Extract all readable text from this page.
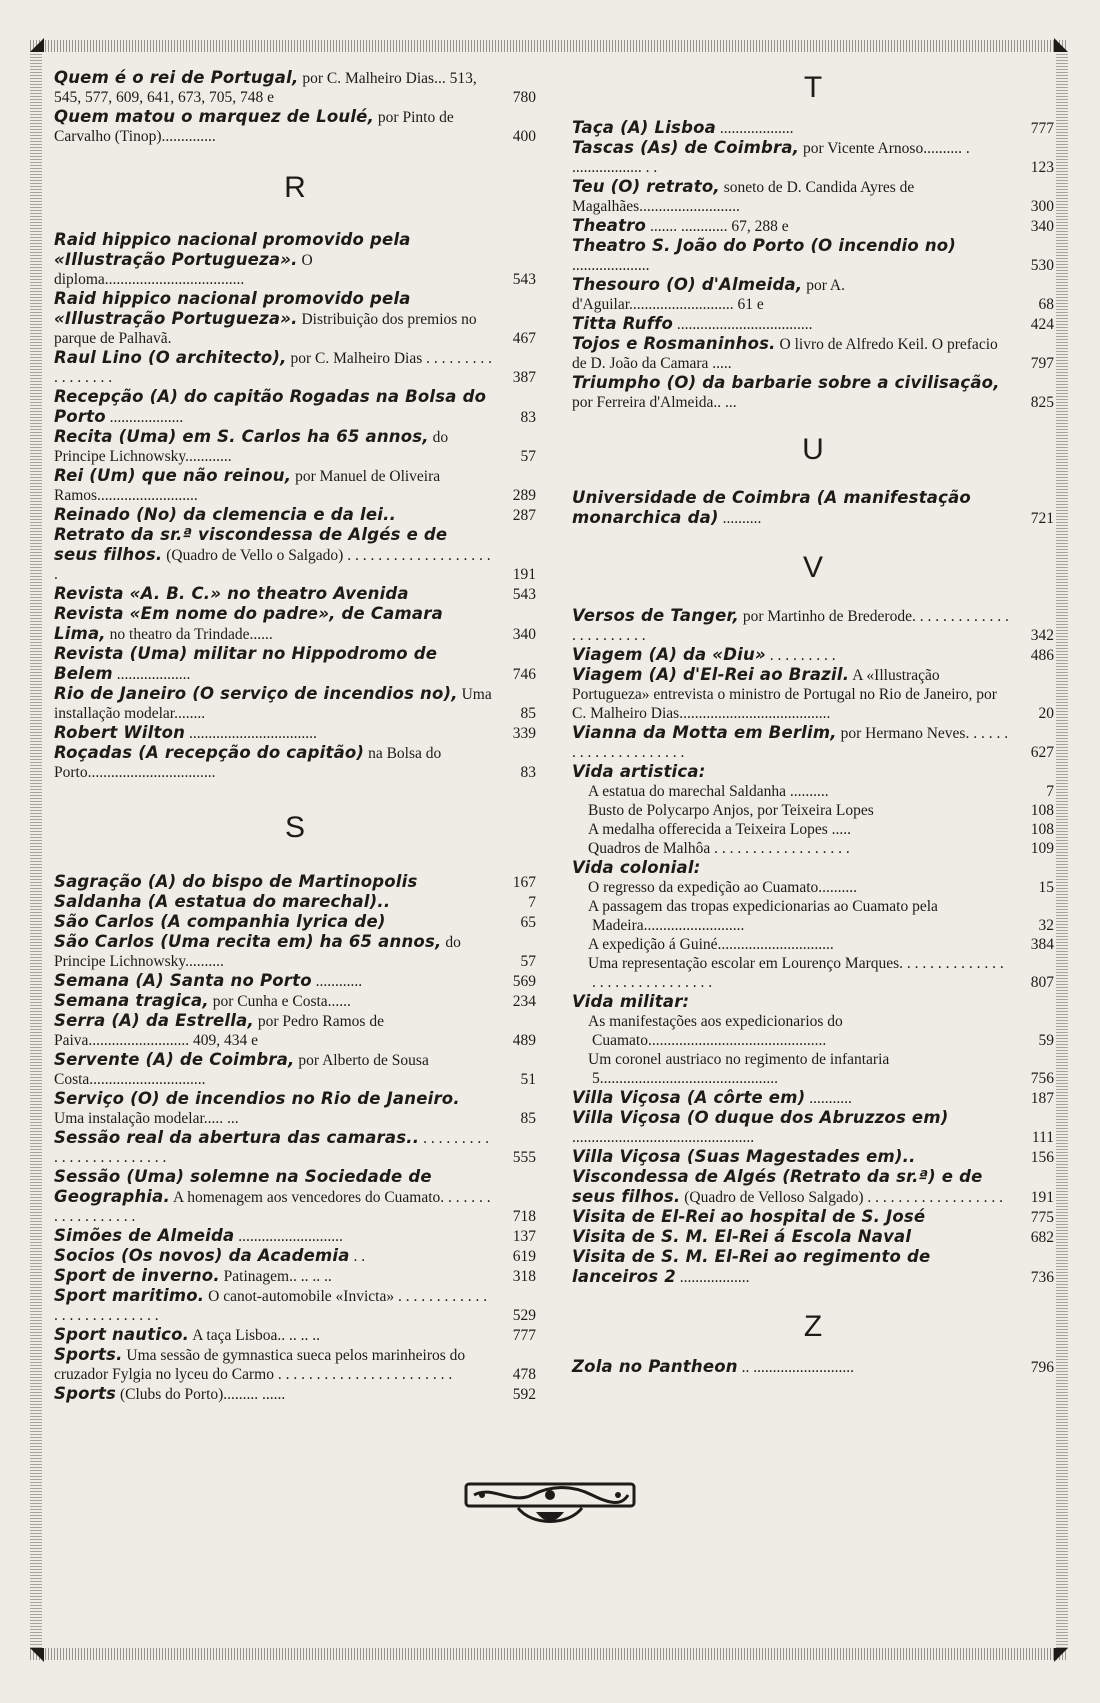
Quem é o rei de Portugal, por C. Malheiro Dias... 513, 545, 577, 609, 641, 673, 705, 748 e	780
Quem matou o marquez de Loulé, por Pinto de Carvalho (Tinop)..............	400
R
Raid hippico nacional promovido pela «Illustração Portugueza». O diploma....................................	543
Raid hippico nacional promovido pela «Illustração Portugueza». Distribuição dos premios no parque de Palhavã.	467
Raul Lino (O architecto), por C. Malheiro Dias . . . . . . . . . . . . . . . . .	387
Recepção (A) do capitão Rogadas na Bolsa do Porto ...................	83
Recita (Uma) em S. Carlos ha 65 annos, do Principe Lichnowsky............	57
Rei (Um) que não reinou, por Manuel de Oliveira Ramos..........................	289
Reinado (No) da clemencia e da lei..	287
Retrato da sr.ª viscondessa de Algés e de seus filhos. (Quadro de Vello o Salgado) . . . . . . . . . . . . . . . . . . . .	191
Revista «A. B. C.» no theatro Avenida	543
Revista «Em nome do padre», de Camara Lima, no theatro da Trindade......	340
Revista (Uma) militar no Hippodromo de Belem ...................	746
Rio de Janeiro (O serviço de incendios no), Uma installação modelar........	85
Robert Wilton .................................	339
Roçadas (A recepção do capitão) na Bolsa do Porto.................................	83
S
Sagração (A) do bispo de Martinopolis	167
Saldanha (A estatua do marechal)..	7
São Carlos (A companhia lyrica de)	65
São Carlos (Uma recita em) ha 65 annos, do Principe Lichnowsky..........	57
Semana (A) Santa no Porto ............	569
Semana tragica, por Cunha e Costa......	234
Serra (A) da Estrella, por Pedro Ramos de Paiva.......................... 409, 434 e	489
Servente (A) de Coimbra, por Alberto de Sousa Costa..............................	51
Serviço (O) de incendios no Rio de Janeiro. Uma instalação modelar..... ...	85
Sessão real da abertura das camaras.. . . . . . . . . . . . . . . . . . . . . . . . .	555
Sessão (Uma) solemne na Sociedade de Geographia. A homenagem aos vencedores do Cuamato. . . . . . . . . . . . . . . . . .	718
Simões de Almeida ...........................	137
Socios (Os novos) da Academia . .	619
Sport de inverno. Patinagem.. .. .. ..	318
Sport maritimo. O canot-automobile «Invicta» . . . . . . . . . . . . . . . . . . . . . . . . . .	529
Sport nautico. A taça Lisboa.. .. .. ..	777
Sports. Uma sessão de gymnastica sueca pelos marinheiros do cruzador Fylgia no lyceu do Carmo . . . . . . . . . . . . . . . . . . . . . . .	478
Sports (Clubs do Porto)......... ......	592
T
Taça (A) Lisboa ...................	777
Tascas (As) de Coimbra, por Vicente Arnoso.......... . .................. . .	123
Teu (O) retrato, soneto de D. Candida Ayres de Magalhães..........................	300
Theatro ....... ............ 67, 288 e	340
Theatro S. João do Porto (O incendio no) ....................	530
Thesouro (O) d'Almeida, por A. d'Aguilar........................... 61 e	68
Titta Ruffo ...................................	424
Tojos e Rosmaninhos. O livro de Alfredo Keil. O prefacio de D. João da Camara .....	797
Triumpho (O) da barbarie sobre a civilisação, por Ferreira d'Almeida.. ...	825
U
Universidade de Coimbra (A manifestação monarchica da) ..........	721
V
Versos de Tanger, por Martinho de Brederode. . . . . . . . . . . . . . . . . . . . . . .	342
Viagem (A) da «Diu» . . . . . . . . .	486
Viagem (A) d'El-Rei ao Brazil. A «Illustração Portugueza» entrevista o ministro de Portugal no Rio de Janeiro, por C. Malheiro Dias.......................................	20
Vianna da Motta em Berlim, por Hermano Neves. . . . . . . . . . . . . . . . . . . . .	627
Vida artistica:
A estatua do marechal Saldanha ..........	7
Busto de Polycarpo Anjos, por Teixeira Lopes	108
A medalha offerecida a Teixeira Lopes .....	108
Quadros de Malhôa . . . . . . . . . . . . . . . . . .	109
Vida colonial:
O regresso da expedição ao Cuamato..........	15
A passagem das tropas expedicionarias ao Cuamato pela Madeira..........................	32
A expedição á Guiné..............................	384
Uma representação escolar em Lourenço Marques. . . . . . . . . . . . . . . . . . . . . . . . . . . . . .	807
Vida militar:
As manifestações aos expedicionarios do Cuamato..............................................	59
Um coronel austriaco no regimento de infantaria 5..............................................	756
Villa Viçosa (A côrte em) ...........	187
Villa Viçosa (O duque dos Abruzzos em) ...............................................	111
Villa Viçosa (Suas Magestades em)..	156
Viscondessa de Algés (Retrato da sr.ª) e de seus filhos. (Quadro de Velloso Salgado) . . . . . . . . . . . . . . . . . . 191
Visita de El-Rei ao hospital de S. José	775
Visita de S. M. El-Rei á Escola Naval	682
Visita de S. M. El-Rei ao regimento de lanceiros 2 ..................	736
Z
Zola no Pantheon .. ..........................	796
